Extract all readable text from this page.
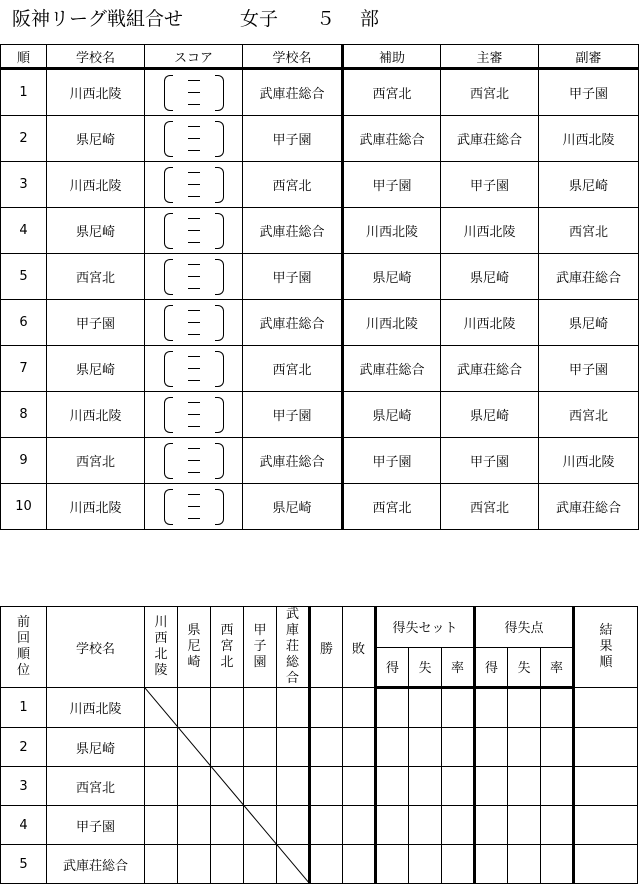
阪神リーグ戦組合せ　　　女子　　５　 部
順	学校名	スコア	学校名	補助	主審	副審
1	川西北陵		武庫荘総合	西宮北	西宮北	甲子園
2	県尼崎		甲子園	武庫荘総合	武庫荘総合	川西北陵
3	川西北陵		西宮北	甲子園	甲子園	県尼崎
4	県尼崎		武庫荘総合	川西北陵	川西北陵	西宮北
5	西宮北		甲子園	県尼崎	県尼崎	武庫荘総合
6	甲子園		武庫荘総合	川西北陵	川西北陵	県尼崎
7	県尼崎		西宮北	武庫荘総合	武庫荘総合	甲子園
8	川西北陵		甲子園	県尼崎	県尼崎	西宮北
9	西宮北		武庫荘総合	甲子園	甲子園	川西北陵
10	川西北陵		県尼崎	西宮北	西宮北	武庫荘総合
前回順位	学校名	川西北陵	県尼崎	西宮北	甲子園	武庫荘総合	勝	敗	得失セット			得失点			結果順

									得	失	率	得	失	率	
1	川西北陵														
2	県尼崎														
3	西宮北														
4	甲子園														
5	武庫荘総合														
